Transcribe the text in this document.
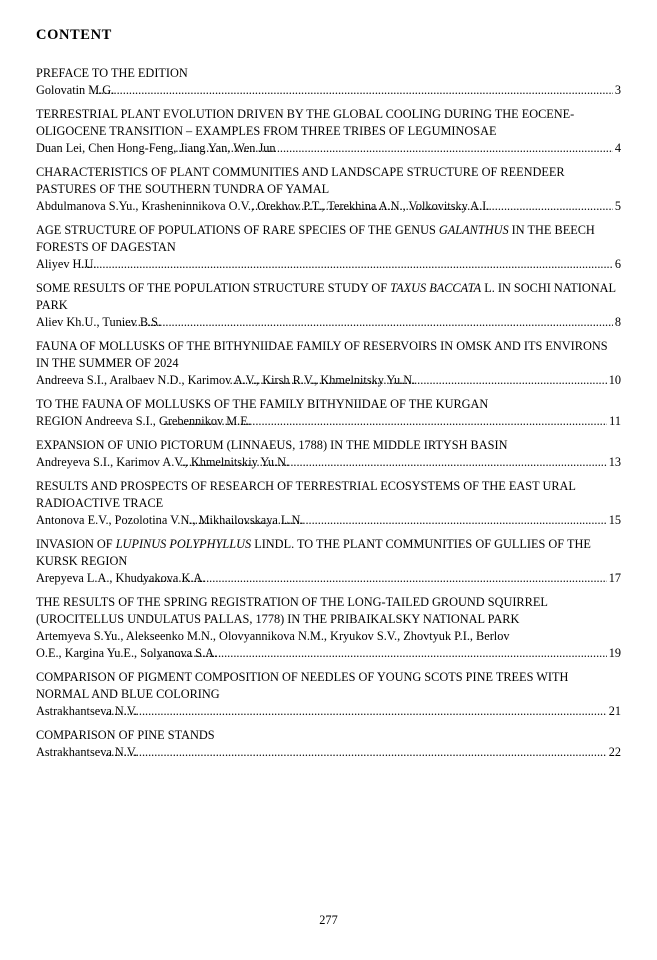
CONTENT
PREFACE TO THE EDITION
Golovatin M.G. .....	3
TERRESTRIAL PLANT EVOLUTION DRIVEN BY THE GLOBAL COOLING DURING THE EOCENE-OLIGOCENE TRANSITION – EXAMPLES FROM THREE TRIBES OF LEGUMINOSAE
Duan Lei, Chen Hong-Feng, Jiang Yan, Wen Jun .....	4
CHARACTERISTICS OF PLANT COMMUNITIES AND LANDSCAPE STRUCTURE OF REENDEER PASTURES OF THE SOUTHERN TUNDRA OF YAMAL
Abdulmanova S.Yu., Krasheninnikova O.V., Orekhov P.T., Terekhina A.N., Volkovitsky A.I. .....	5
AGE STRUCTURE OF POPULATIONS OF RARE SPECIES OF THE GENUS GALANTHUS IN THE BEECH FORESTS OF DAGESTAN
Aliyev H.U. .....	6
SOME RESULTS OF THE POPULATION STRUCTURE STUDY OF TAXUS BACCATA L. IN SOCHI NATIONAL PARK
Aliev Kh.U., Tuniev B.S. .....	8
FAUNA OF MOLLUSKS OF THE BITHYNIIDAE FAMILY OF RESERVOIRS IN OMSK AND ITS ENVIRONS IN THE SUMMER OF 2024
Andreeva S.I., Aralbaev N.D., Karimov A.V., Kirsh R.V., Khmelnitsky Yu.N. .....	10
TO THE FAUNA OF MOLLUSKS OF THE FAMILY BITHYNIIDAE OF THE KURGAN
REGION Andreeva S.I., Grebennikov M.E. .....	11
EXPANSION OF UNIO PICTORUM (LINNAEUS, 1788) IN THE MIDDLE IRTYSH BASIN
Andreyeva S.I., Karimov A.V., Khmelnitskiy Yu.N. .....	13
RESULTS AND PROSPECTS OF RESEARCH OF TERRESTRIAL ECOSYSTEMS OF THE EAST URAL RADIOACTIVE TRACE
Antonova E.V., Pozolotina V.N., Mikhailovskaya L.N. .....	15
INVASION OF LUPINUS POLYPHYLLUS LINDL. TO THE PLANT COMMUNITIES OF GULLIES OF THE KURSK REGION
Arepyeva L.A., Khudyakova K.A. .....	17
THE RESULTS OF THE SPRING REGISTRATION OF THE LONG-TAILED GROUND SQUIRREL (UROCITELLUS UNDULATUS PALLAS, 1778) IN THE PRIBAIKALSKY NATIONAL PARK
Artemyeva S.Yu., Alekseenko M.N., Olovyannikova N.M., Kryukov S.V., Zhovtyuk P.I., Berlov
O.E., Kargina Yu.E., Solyanova S.A. .....	19
COMPARISON OF PIGMENT COMPOSITION OF NEEDLES OF YOUNG SCOTS PINE TREES WITH NORMAL AND BLUE COLORING
Astrakhantseva N.V. .....	21
COMPARISON OF PINE STANDS
Astrakhantseva N.V. .....	22
277
